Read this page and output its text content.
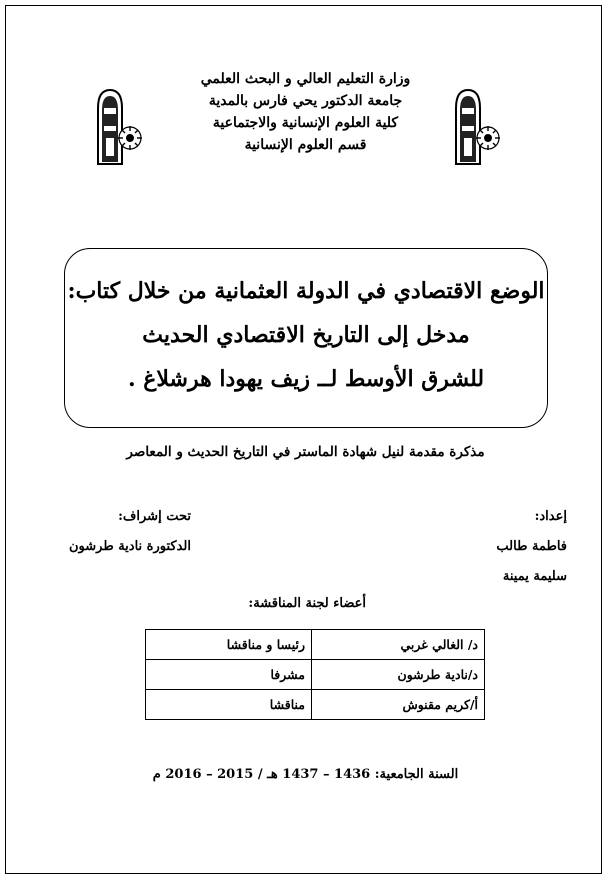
وزارة التعليم العالي و البحث العلمي
جامعة الدكتور يحي فارس بالمدية
كلية العلوم الإنسانية والاجتماعية
قسم العلوم الإنسانية
الوضع الاقتصادي في الدولة العثمانية من خلال كتاب:
مدخل إلى التاريخ الاقتصادي الحديث
للشرق الأوسط لــ زيف يهودا هرشلاغ .
مذكرة مقدمة لنيل شهادة الماستر في التاريخ الحديث و المعاصر
إعداد:
فاطمة طالب
سليمة يمينة
تحت إشراف:
الدكتورة نادية طرشون
أعضاء لجنة المناقشة:
د/ الغالي غربي	رئيسا و مناقشا
د/نادية طرشون	مشرفا
أ/كريم مقنوش	مناقشا
السنة الجامعية: 1436 – 1437 هـ / 2015 – 2016 م
